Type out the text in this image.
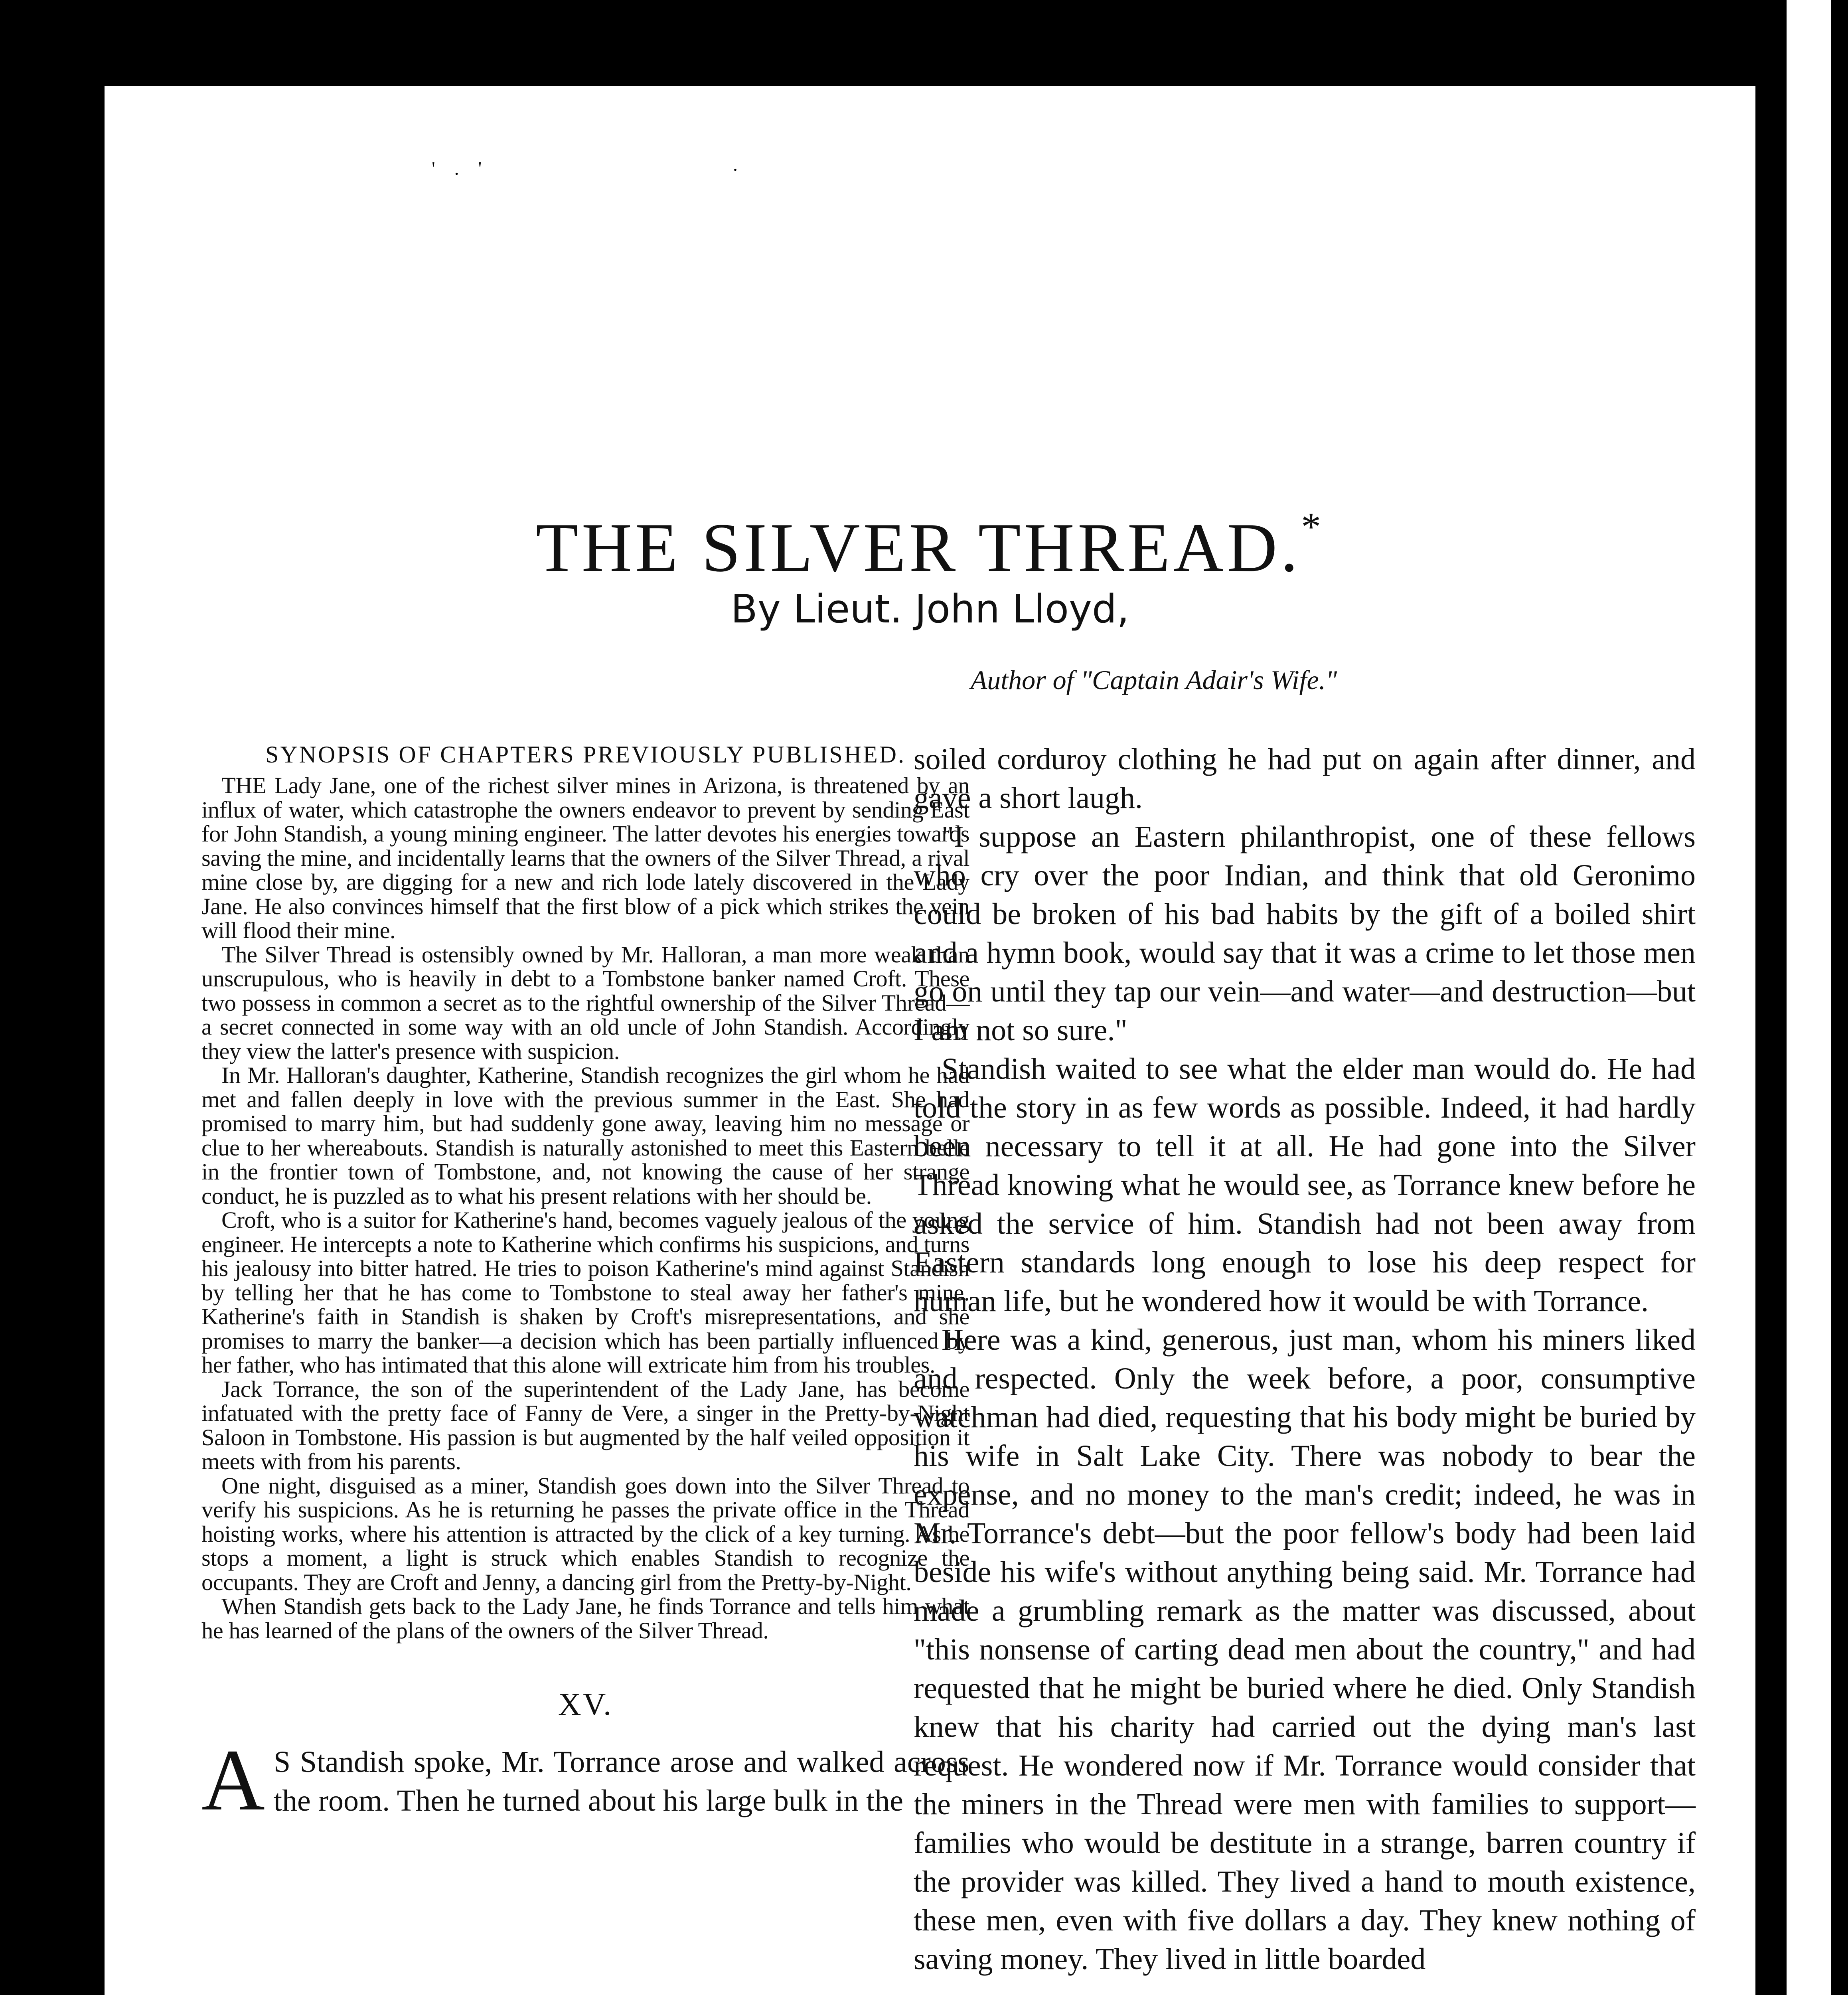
' . '	.
THE SILVER THREAD.*
By Lieut. John Lloyd,
Author of "Captain Adair's Wife."
SYNOPSIS OF CHAPTERS PREVIOUSLY PUBLISHED.

THE Lady Jane, one of the richest silver mines in Arizona, is threatened by an influx of water, which catastrophe the owners endeavor to prevent by sending East for John Standish, a young mining engineer. The latter devotes his energies towards saving the mine, and incidentally learns that the owners of the Silver Thread, a rival mine close by, are digging for a new and rich lode lately discovered in the Lady Jane. He also convinces himself that the first blow of a pick which strikes the vein will flood their mine.

The Silver Thread is ostensibly owned by Mr. Halloran, a man more weak than unscrupulous, who is heavily in debt to a Tombstone banker named Croft. These two possess in common a secret as to the rightful ownership of the Silver Thread—a secret connected in some way with an old uncle of John Standish. Accordingly they view the latter's presence with suspicion.

In Mr. Halloran's daughter, Katherine, Standish recognizes the girl whom he had met and fallen deeply in love with the previous summer in the East. She had promised to marry him, but had suddenly gone away, leaving him no message or clue to her whereabouts. Standish is naturally astonished to meet this Eastern belle in the frontier town of Tombstone, and, not knowing the cause of her strange conduct, he is puzzled as to what his present relations with her should be.

Croft, who is a suitor for Katherine's hand, becomes vaguely jealous of the young engineer. He intercepts a note to Katherine which confirms his suspicions, and turns his jealousy into bitter hatred. He tries to poison Katherine's mind against Standish by telling her that he has come to Tombstone to steal away her father's mine. Katherine's faith in Standish is shaken by Croft's misrepresentations, and she promises to marry the banker—a decision which has been partially influenced by her father, who has intimated that this alone will extricate him from his troubles.

Jack Torrance, the son of the superintendent of the Lady Jane, has become infatuated with the pretty face of Fanny de Vere, a singer in the Pretty-by-Night Saloon in Tombstone. His passion is but augmented by the half veiled opposition it meets with from his parents.

One night, disguised as a miner, Standish goes down into the Silver Thread to verify his suspicions. As he is returning he passes the private office in the Thread hoisting works, where his attention is attracted by the click of a key turning. As he stops a moment, a light is struck which enables Standish to recognize the occupants. They are Croft and Jenny, a dancing girl from the Pretty-by-Night.

When Standish gets back to the Lady Jane, he finds Torrance and tells him what he has learned of the plans of the owners of the Silver Thread.

XV.

A S Standish spoke, Mr. Torrance arose and walked across the room. Then he turned about his large bulk in the

soiled corduroy clothing he had put on again after dinner, and gave a short laugh.

"I suppose an Eastern philanthropist, one of these fellows who cry over the poor Indian, and think that old Geronimo could be broken of his bad habits by the gift of a boiled shirt and a hymn book, would say that it was a crime to let those men go on until they tap our vein—and water—and destruction—but I am not so sure."

Standish waited to see what the elder man would do. He had told the story in as few words as possible. Indeed, it had hardly been necessary to tell it at all. He had gone into the Silver Thread knowing what he would see, as Torrance knew before he asked the service of him. Standish had not been away from Eastern standards long enough to lose his deep respect for human life, but he wondered how it would be with Torrance.

Here was a kind, generous, just man, whom his miners liked and respected. Only the week before, a poor, consumptive watchman had died, requesting that his body might be buried by his wife in Salt Lake City. There was nobody to bear the expense, and no money to the man's credit; indeed, he was in Mr. Torrance's debt—but the poor fellow's body had been laid beside his wife's without anything being said. Mr. Torrance had made a grumbling remark as the matter was discussed, about "this nonsense of carting dead men about the country," and had requested that he might be buried where he died. Only Standish knew that his charity had carried out the dying man's last request. He wondered now if Mr. Torrance would consider that the miners in the Thread were men with families to support—families who would be destitute in a strange, barren country if the provider was killed. They lived a hand to mouth existence, these men, even with five dollars a day. They knew nothing of saving money. They lived in little boarded
